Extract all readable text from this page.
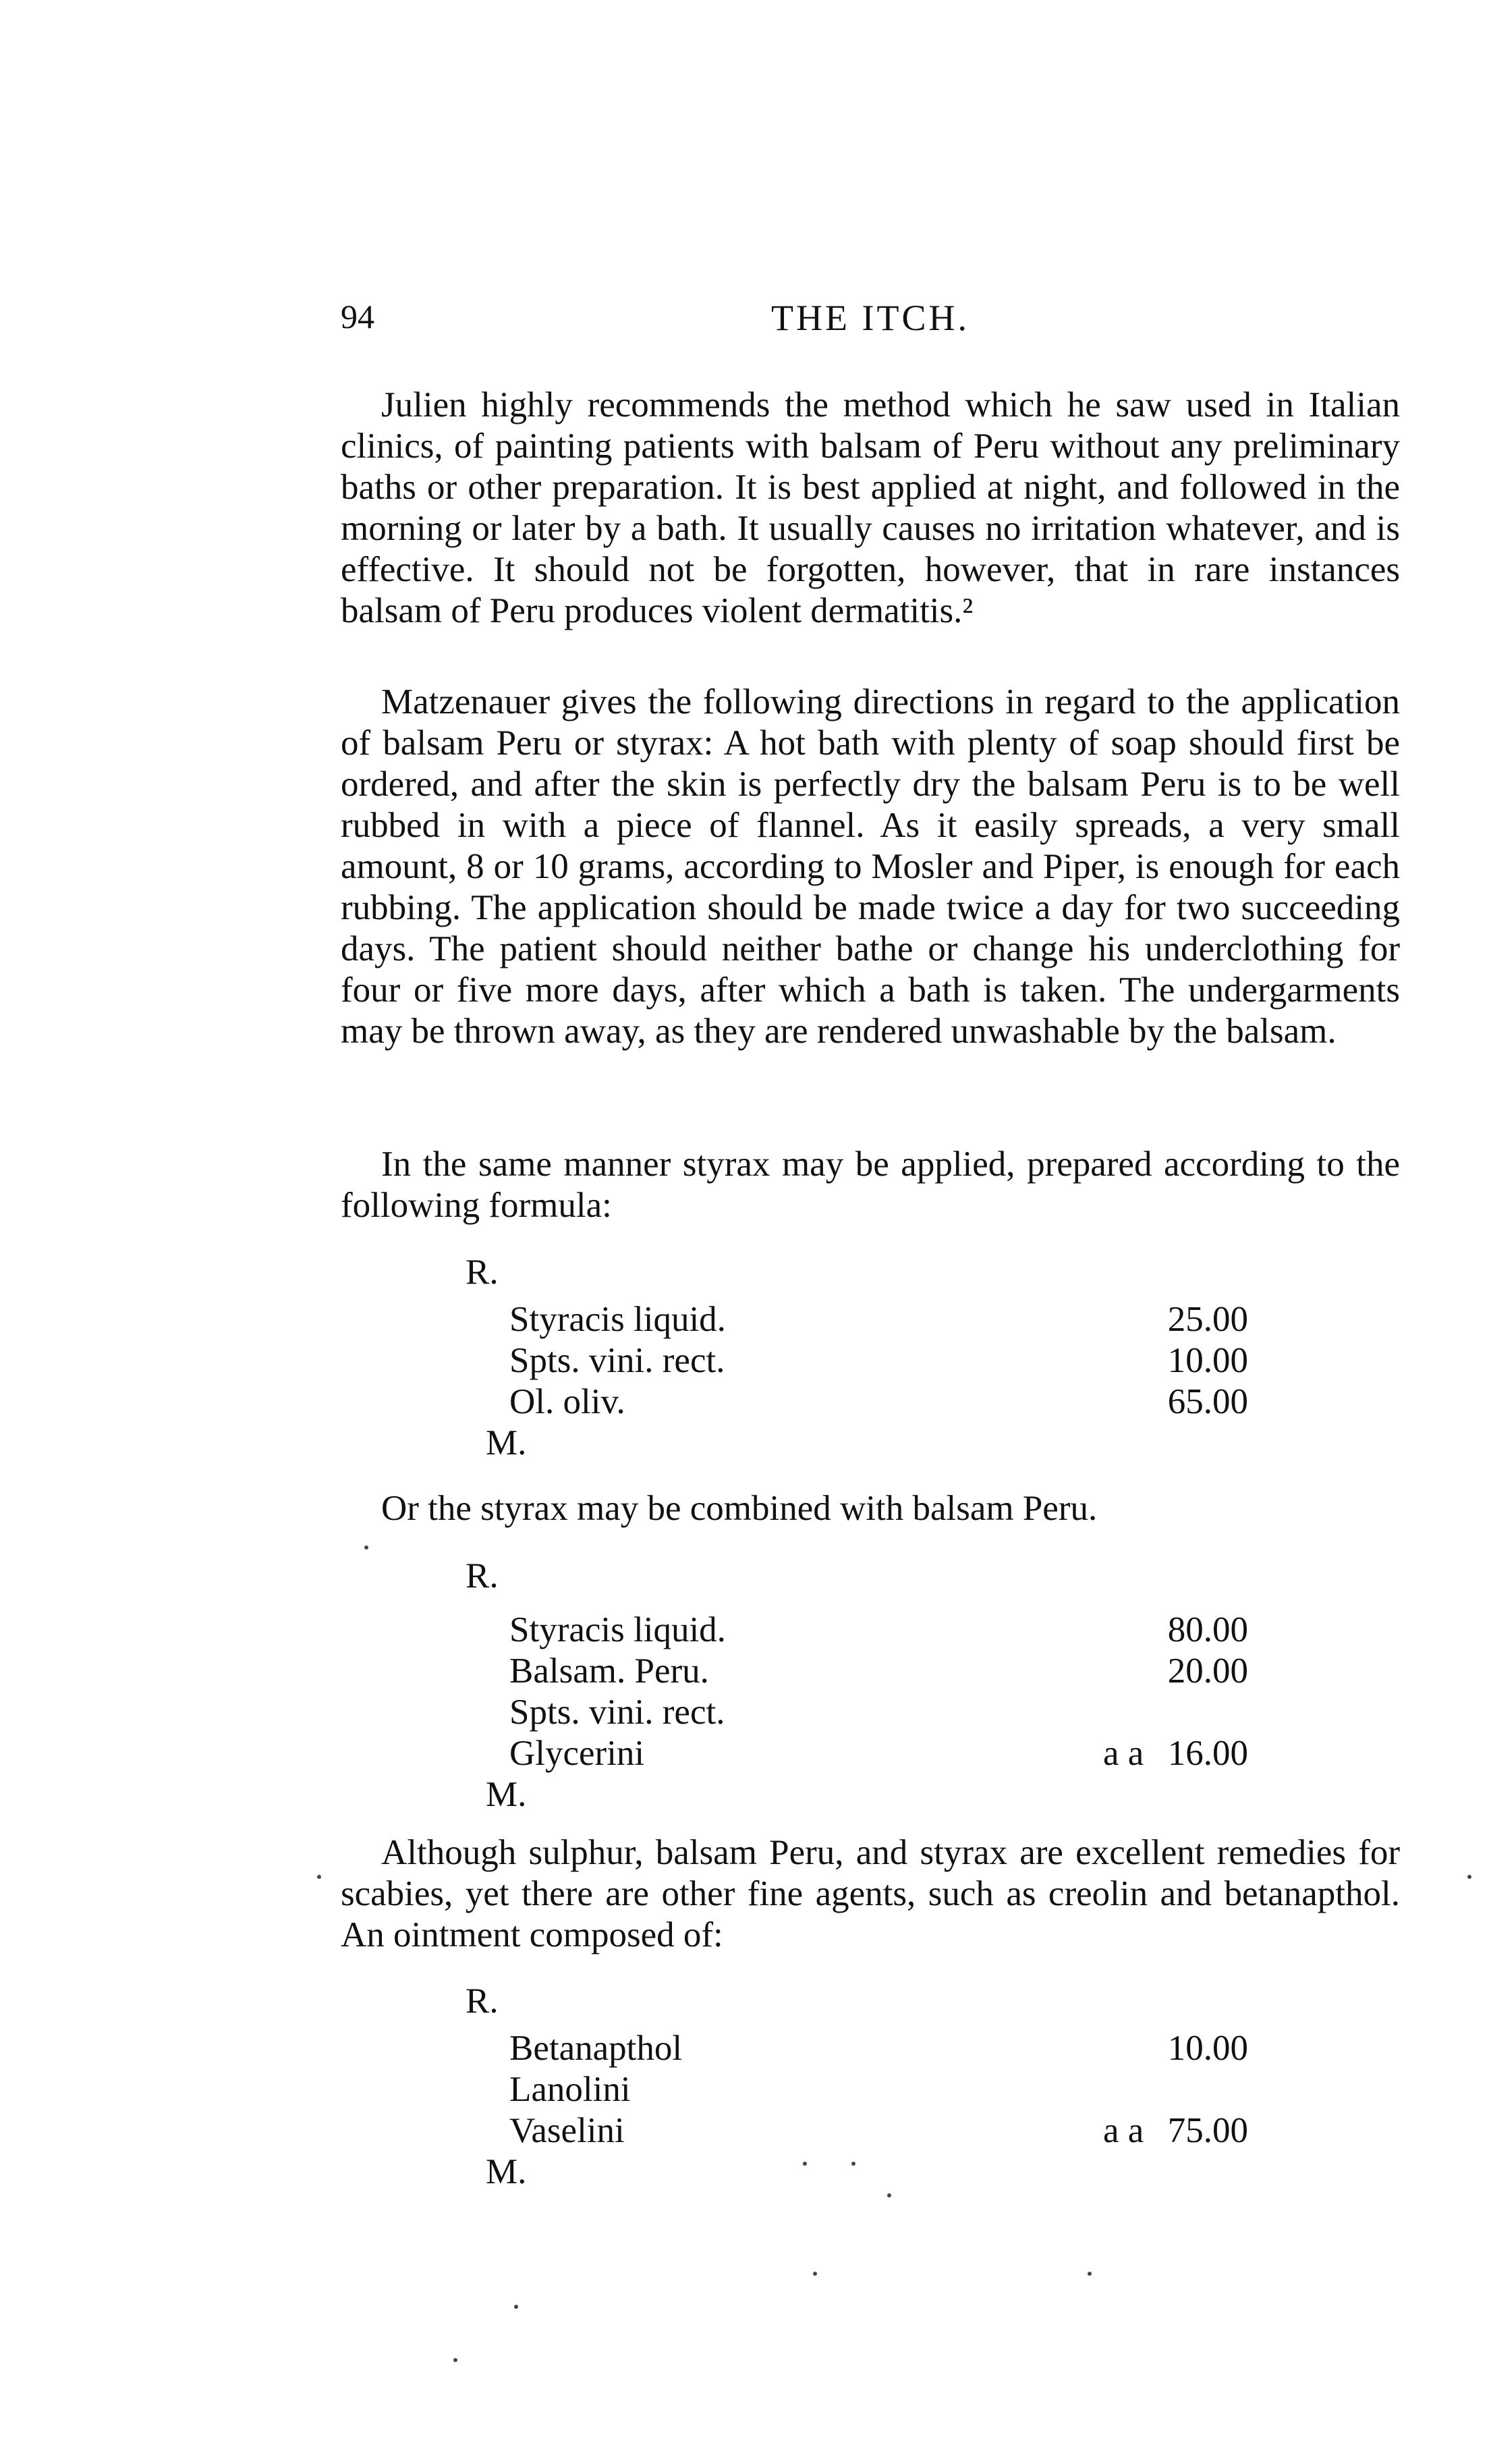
94	THE ITCH.

Julien highly recommends the method which he saw used in Italian clinics, of painting patients with balsam of Peru without any preliminary baths or other preparation. It is best applied at night, and followed in the morning or later by a bath. It usually causes no irritation whatever, and is effective. It should not be forgotten, however, that in rare instances balsam of Peru produces violent dermatitis.²

Matzenauer gives the following directions in regard to the application of balsam Peru or styrax: A hot bath with plenty of soap should first be ordered, and after the skin is perfectly dry the balsam Peru is to be well rubbed in with a piece of flannel. As it easily spreads, a very small amount, 8 or 10 grams, according to Mosler and Piper, is enough for each rubbing. The application should be made twice a day for two succeeding days. The patient should neither bathe or change his underclothing for four or five more days, after which a bath is taken. The undergarments may be thrown away, as they are rendered unwashable by the balsam.

In the same manner styrax may be applied, prepared according to the following formula:

R.
Styracis liquid.	25.00
Spts. vini. rect.	10.00
Ol. oliv.	65.00
M.

Or the styrax may be combined with balsam Peru.

R.
Styracis liquid.	80.00
Balsam. Peru.	20.00
Spts. vini. rect.
Glycerini	a a 16.00
M.

Although sulphur, balsam Peru, and styrax are excellent remedies for scabies, yet there are other fine agents, such as creolin and betanapthol. An ointment composed of:

R.
Betanapthol	10.00
Lanolini
Vaselini	a a 75.00
M.
